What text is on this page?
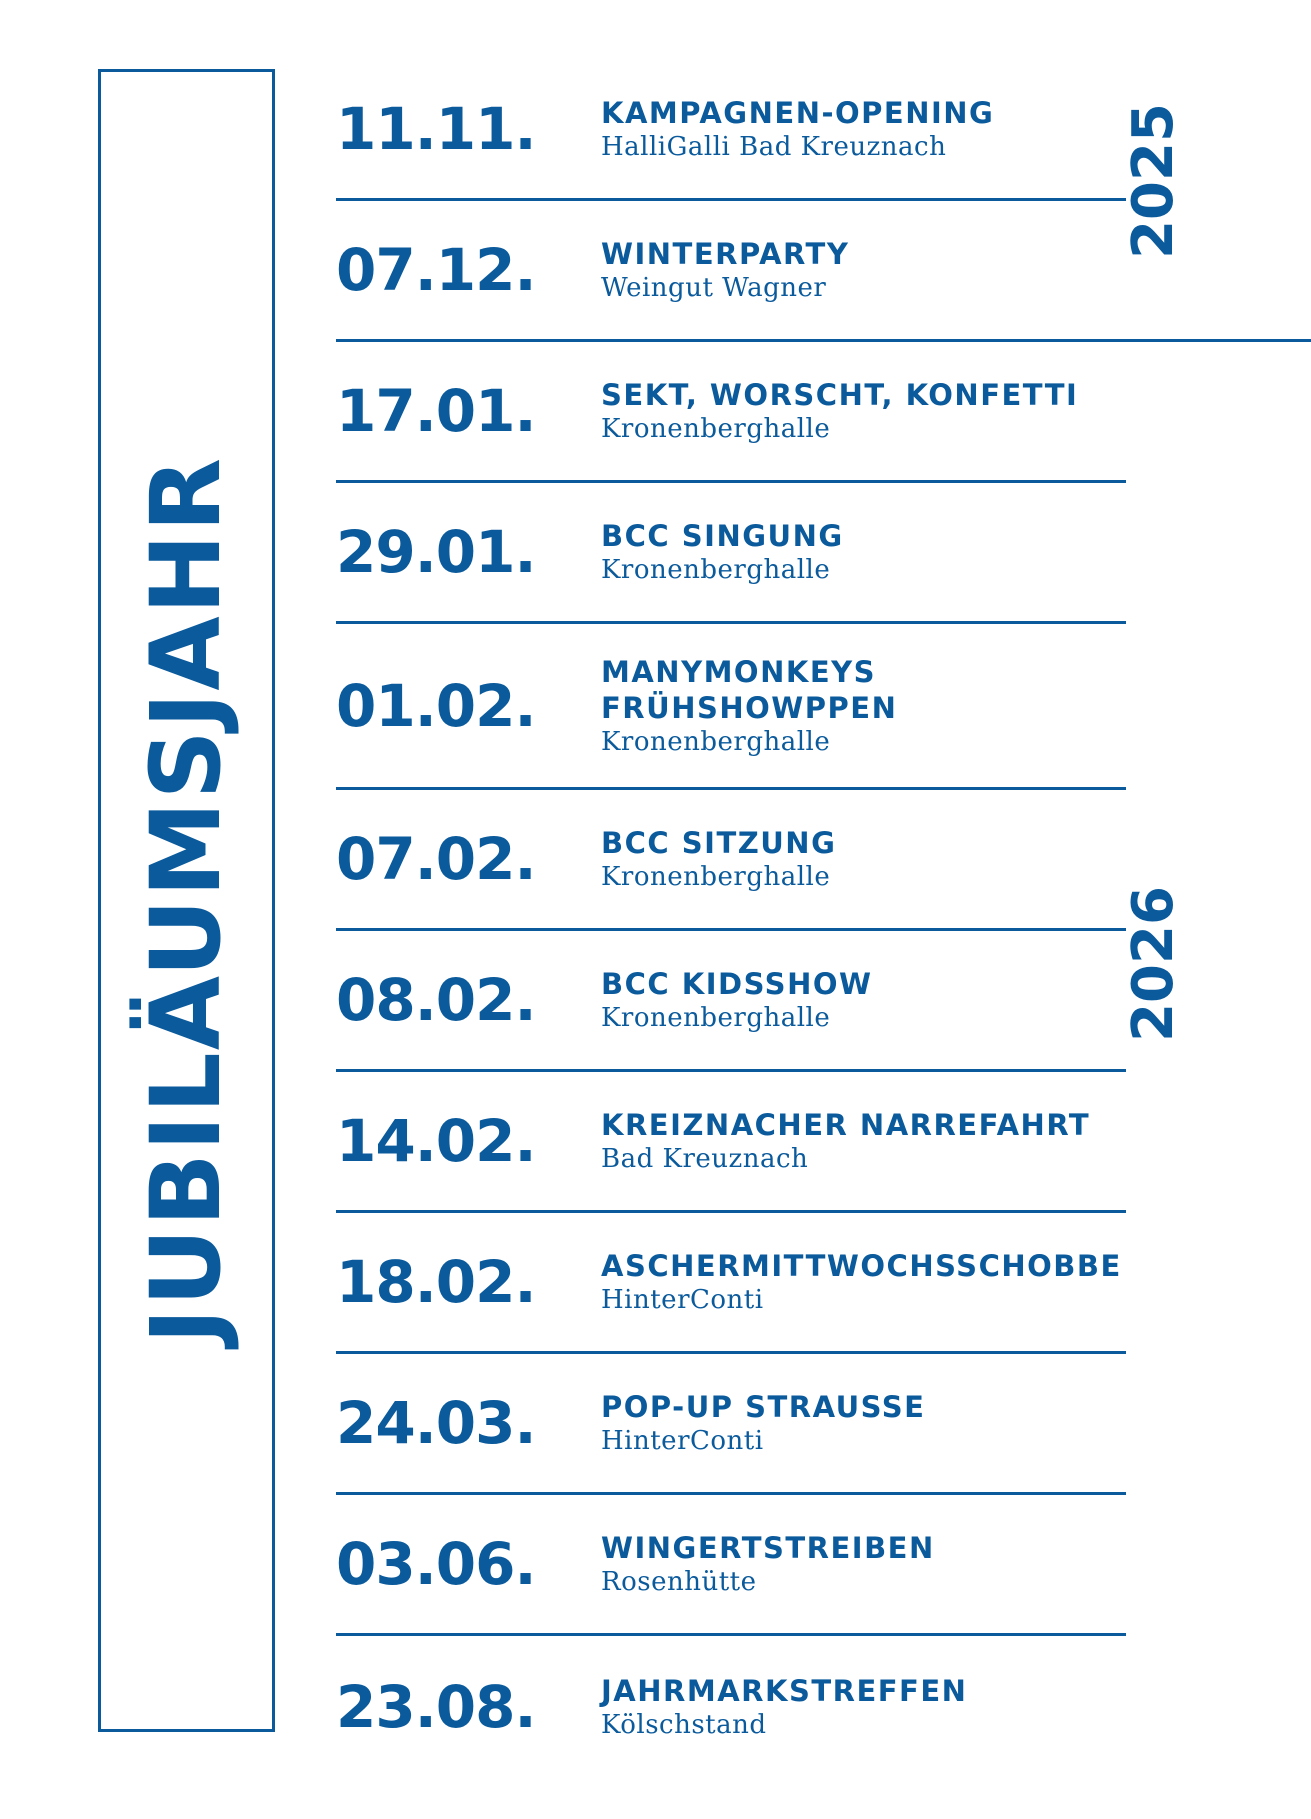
JUBILÄUMSJAHR
2025
2026
11.11.	KAMPAGNEN-OPENING
HalliGalli Bad Kreuznach
07.12.	WINTERPARTY
Weingut Wagner
17.01.	SEKT, WORSCHT, KONFETTI
Kronenberghalle
29.01.	BCC SINGUNG
Kronenberghalle
01.02.	MANYMONKEYS
FRÜHSHOWPPEN
Kronenberghalle
07.02.	BCC SITZUNG
Kronenberghalle
08.02.	BCC KIDSSHOW
Kronenberghalle
14.02.	KREIZNACHER NARREFAHRT
Bad Kreuznach
18.02.	ASCHERMITTWOCHSSCHOBBE
HinterConti
24.03.	POP-UP STRAUSSE
HinterConti
03.06.	WINGERTSTREIBEN
Rosenhütte
23.08.	JAHRMARKSTREFFEN
Kölschstand
